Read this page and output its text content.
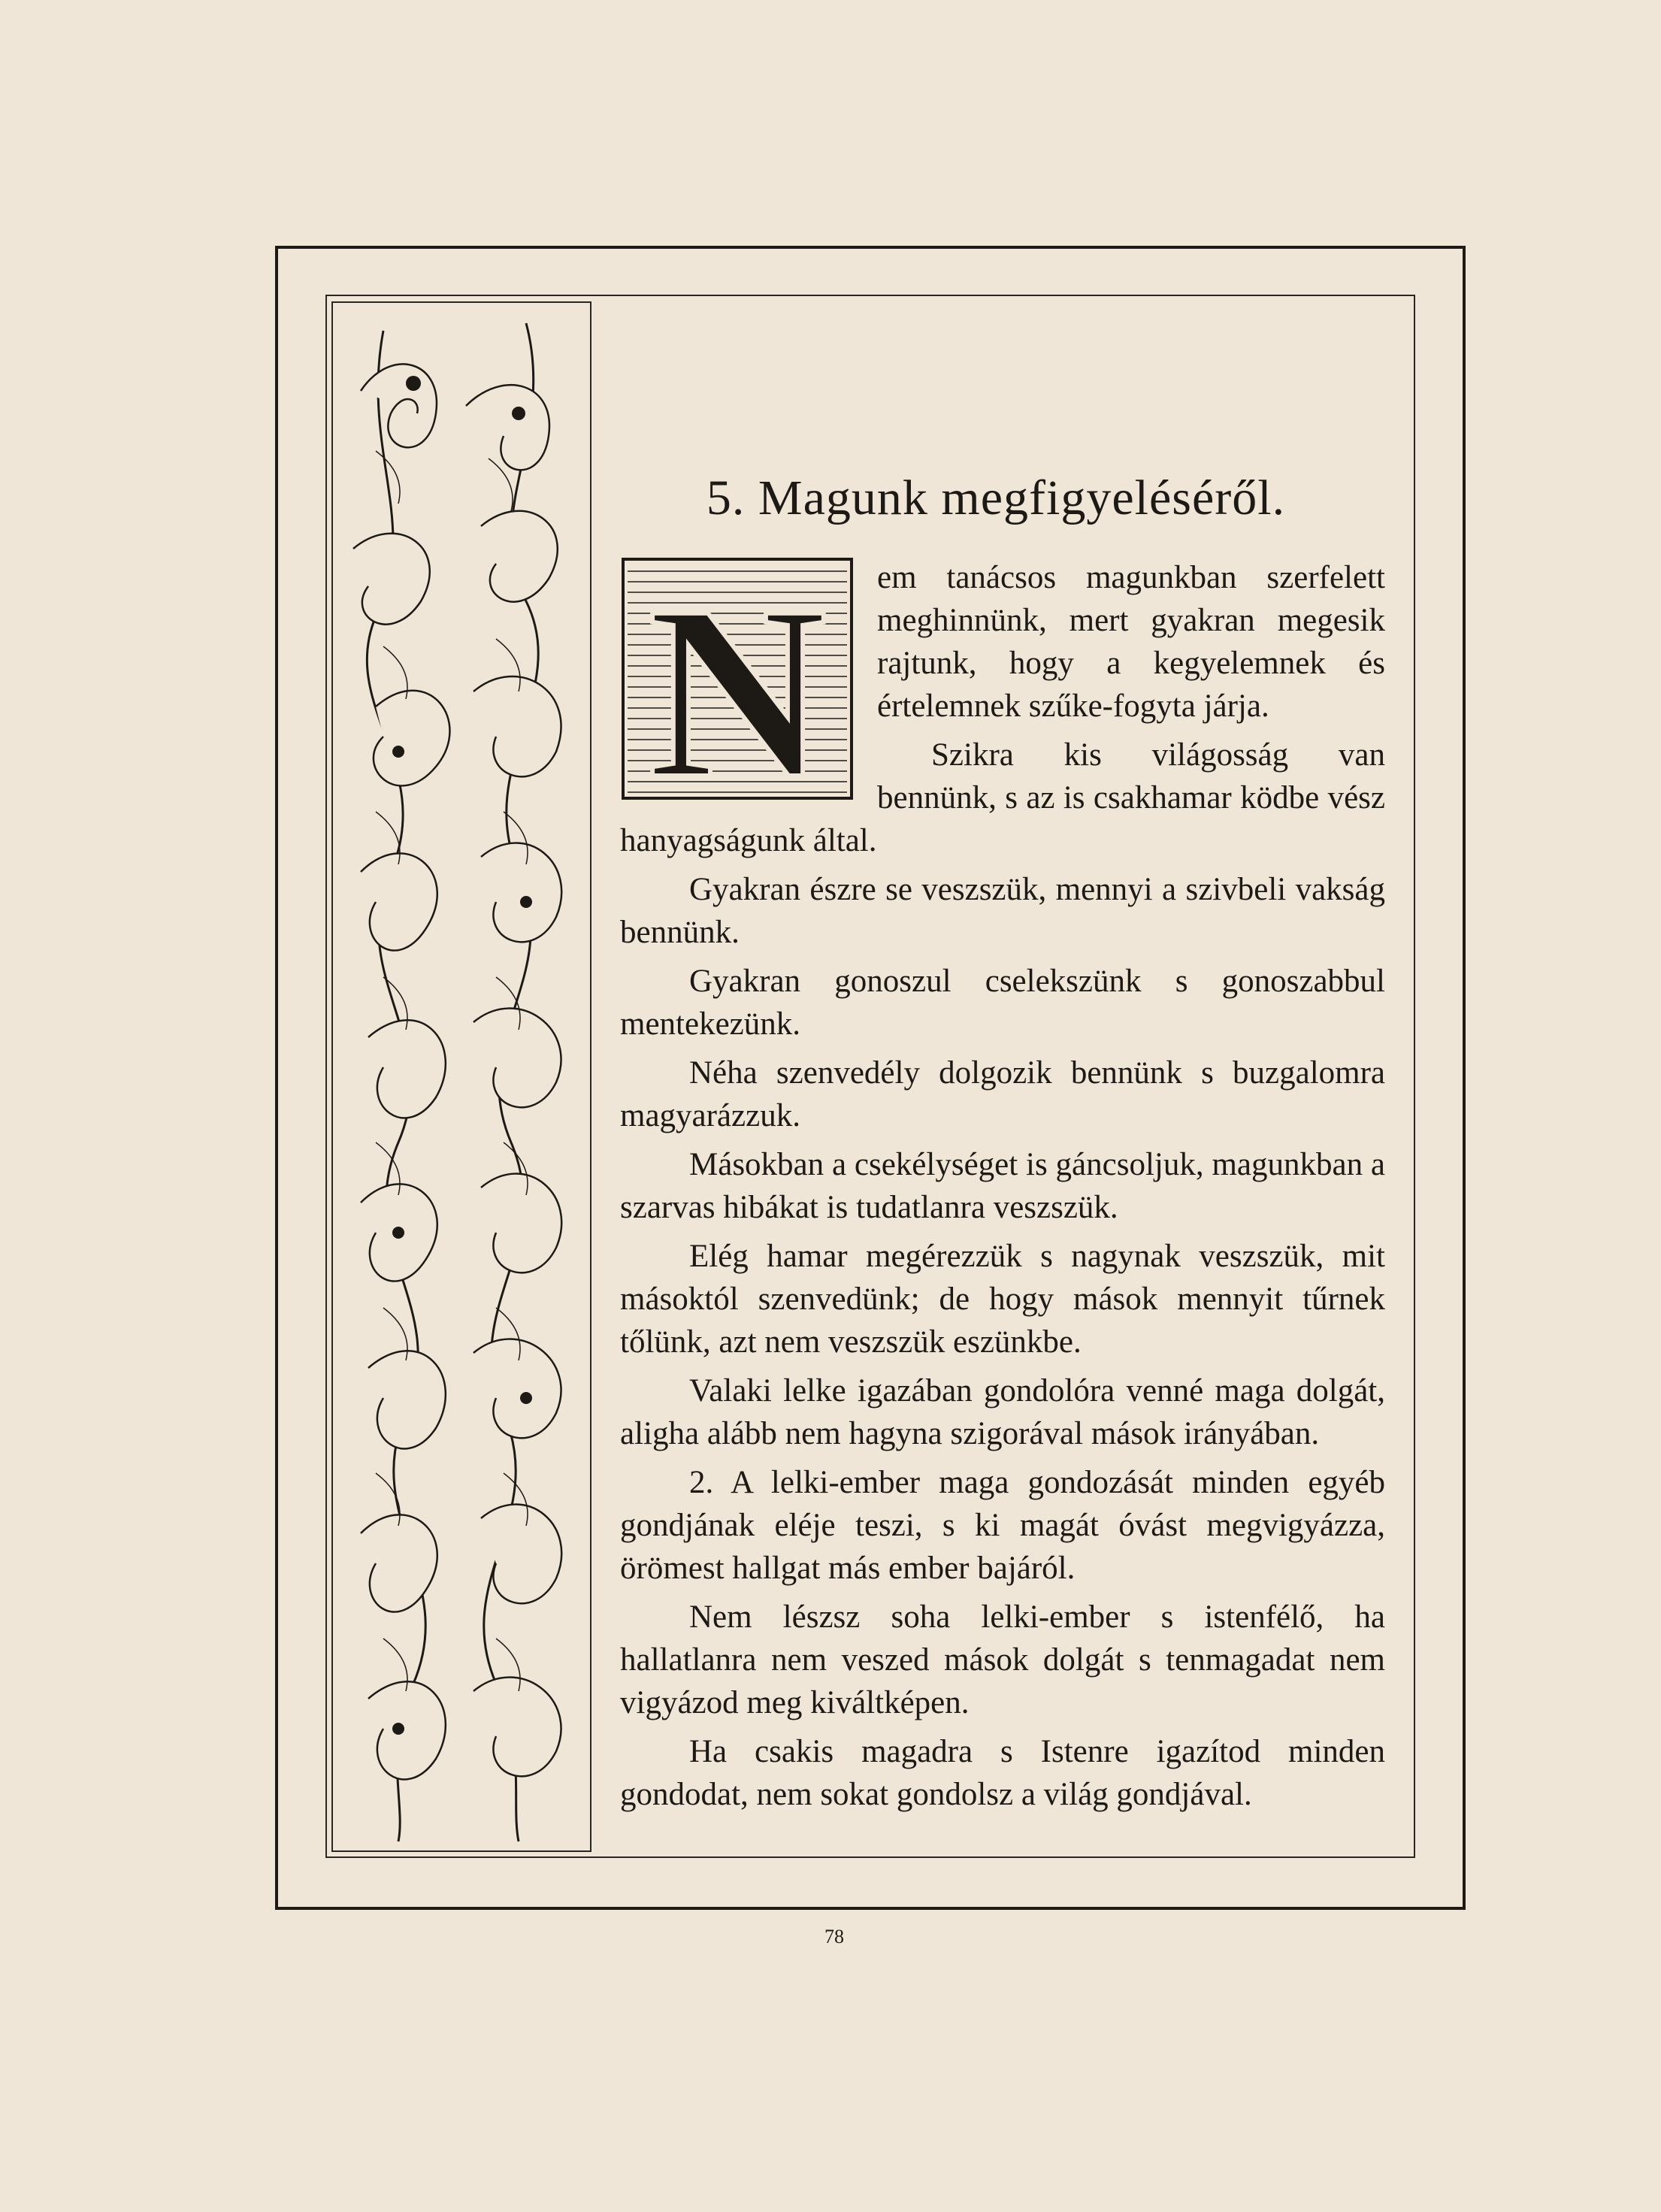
5. Magunk megfigyeléséről.
N	em tanácsos magunkban szerfelett meghinnünk, mert gyakran megesik rajtunk, hogy a kegyelemnek és értelemnek szűke-fogyta járja.

Szikra kis világosság van bennünk, s az is csakhamar ködbe vész hanyagságunk által.

Gyakran észre se veszszük, mennyi a szivbeli vakság bennünk.

Gyakran gonoszul cselekszünk s gonoszabbul mentekezünk.

Néha szenvedély dolgozik bennünk s buzgalomra magyarázzuk.

Másokban a csekélységet is gáncsoljuk, magunkban a szarvas hibákat is tudatlanra veszszük.

Elég hamar megérezzük s nagynak veszszük, mit másoktól szenvedünk; de hogy mások mennyit tűrnek tőlünk, azt nem veszszük eszünkbe.

Valaki lelke igazában gondolóra venné maga dolgát, aligha alább nem hagyna szigorával mások irányában.

2. A lelki-ember maga gondozását minden egyéb gondjának eléje teszi, s ki magát óvást megvigyázza, örömest hallgat más ember bajáról.

Nem lészsz soha lelki-ember s istenfélő, ha hallatlanra nem veszed mások dolgát s tenmagadat nem vigyázod meg kiváltképen.

Ha csakis magadra s Istenre igazítod minden gondodat, nem sokat gondolsz a világ gondjával.

78
